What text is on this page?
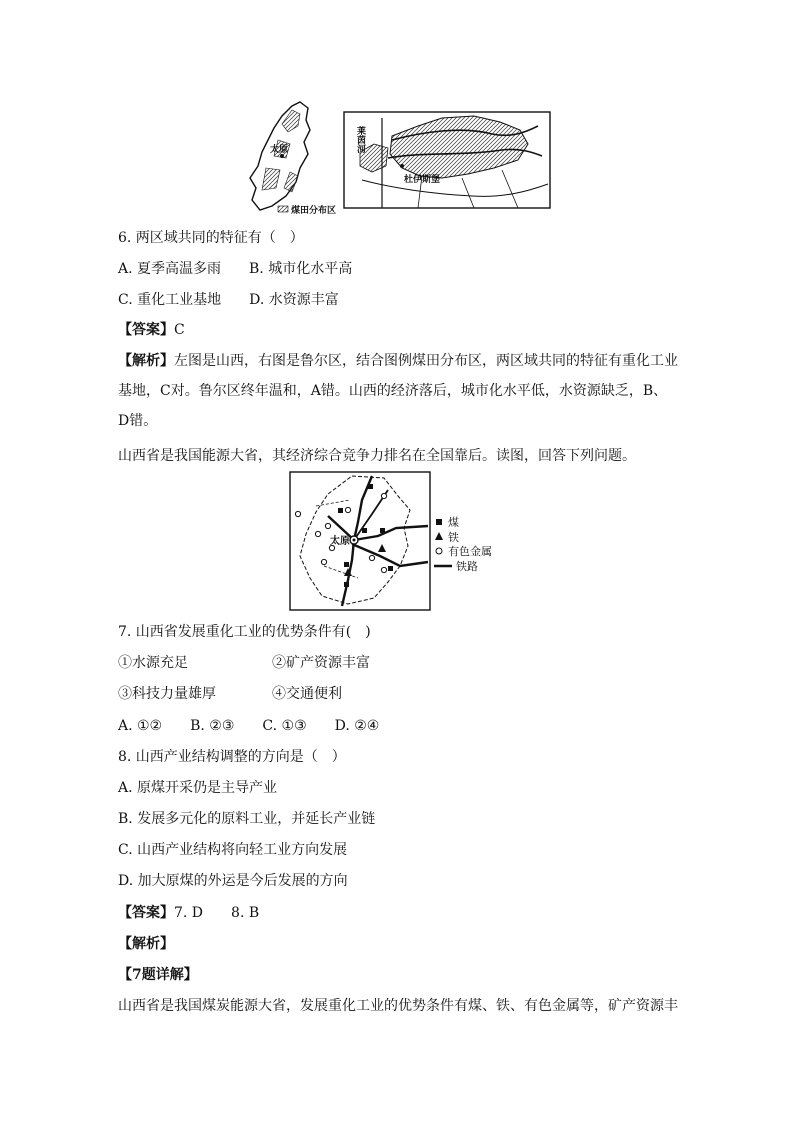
太原
煤田分布区
莱茵河
杜伊斯堡
6. 两区域共同的特征有（　）
A. 夏季高温多雨　　B. 城市化水平高
C. 重化工业基地　　D. 水资源丰富
【答案】C
【解析】左图是山西，右图是鲁尔区，结合图例煤田分布区，两区域共同的特征有重化工业基地，C对。鲁尔区终年温和，A错。山西的经济落后，城市化水平低，水资源缺乏，B、D错。
山西省是我国能源大省，其经济综合竞争力排名在全国靠后。读图，回答下列问题。
太原
煤
铁
有色金属
铁路
7. 山西省发展重化工业的优势条件有(　)
①水源充足	②矿产资源丰富
③科技力量雄厚	④交通便利
A. ①②　　B. ②③　　C. ①③　　D. ②④
8. 山西产业结构调整的方向是（　）
A. 原煤开采仍是主导产业
B. 发展多元化的原料工业，并延长产业链
C. 山西产业结构将向轻工业方向发展
D. 加大原煤的外运是今后发展的方向
【答案】7. D　　8. B
【解析】
【7题详解】
山西省是我国煤炭能源大省，发展重化工业的优势条件有煤、铁、有色金属等，矿产资源丰
